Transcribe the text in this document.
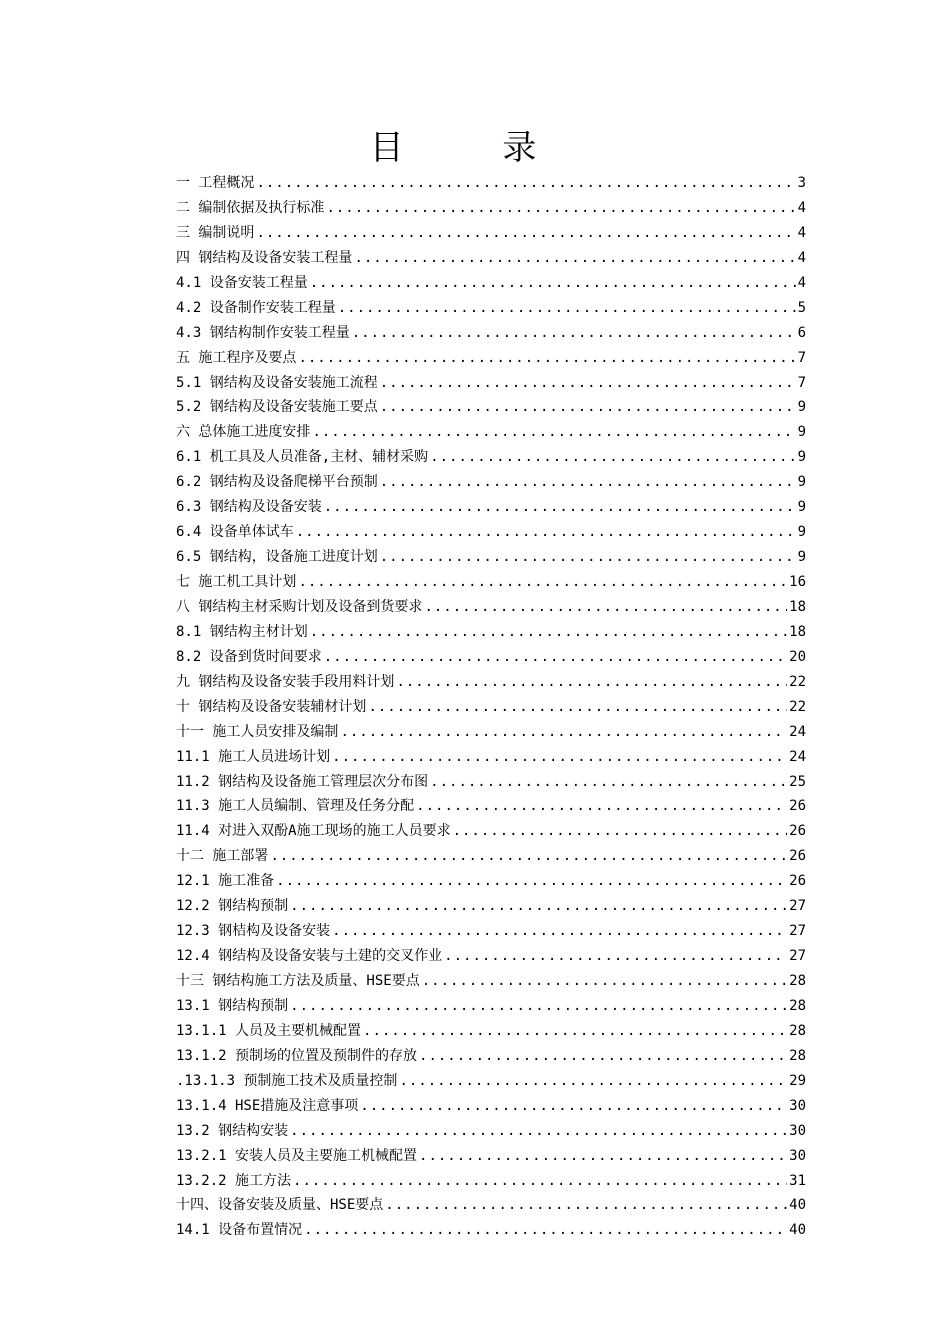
目 录
一 工程概况 .....	3
二 编制依据及执行标准 .....	4
三 编制说明 .....	4
四 钢结构及设备安装工程量 .....	4
4.1 设备安装工程量 .....	4
4.2 设备制作安装工程量 .....	5
4.3 钢结构制作安装工程量 .....	6
五 施工程序及要点 .....	7
5.1 钢结构及设备安装施工流程 .....	7
5.2 钢结构及设备安装施工要点 .....	9
六 总体施工进度安排 .....	9
6.1 机工具及人员准备,主材、辅材采购 .....	9
6.2 钢结构及设备爬梯平台预制 .....	9
6.3 钢结构及设备安装 .....	9
6.4 设备单体试车 .....	9
6.5 钢结构，设备施工进度计划 .....	9
七 施工机工具计划 .....	16
八 钢结构主材采购计划及设备到货要求 .....	18
8.1 钢结构主材计划 .....	18
8.2 设备到货时间要求 .....	20
九 钢结构及设备安装手段用料计划 .....	22
十 钢结构及设备安装辅材计划 .....	22
十一 施工人员安排及编制 .....	24
11.1 施工人员进场计划 .....	24
11.2 钢结构及设备施工管理层次分布图 .....	25
11.3 施工人员编制、管理及任务分配 .....	26
11.4 对进入双酚A施工现场的施工人员要求 .....	26
十二 施工部署 .....	26
12.1 施工准备 .....	26
12.2 钢结构预制 .....	27
12.3 钢桔构及设备安装 .....	27
12.4 钢结构及设备安装与土建的交叉作业 .....	27
十三 钢结构施工方法及质量、HSE要点 .....	28
13.1 钢结构预制 .....	28
13.1.1 人员及主要机械配置 .....	28
13.1.2 预制场的位置及预制件的存放 .....	28
.13.1.3 预制施工技术及质量控制 .....	29
13.1.4 HSE措施及注意事项 .....	30
13.2 钢结构安装 .....	30
13.2.1 安装人员及主要施工机械配置 .....	30
13.2.2 施工方法 .....	31
十四、设备安装及质量、HSE要点 .....	40
14.1 设备布置情况 .....	40
